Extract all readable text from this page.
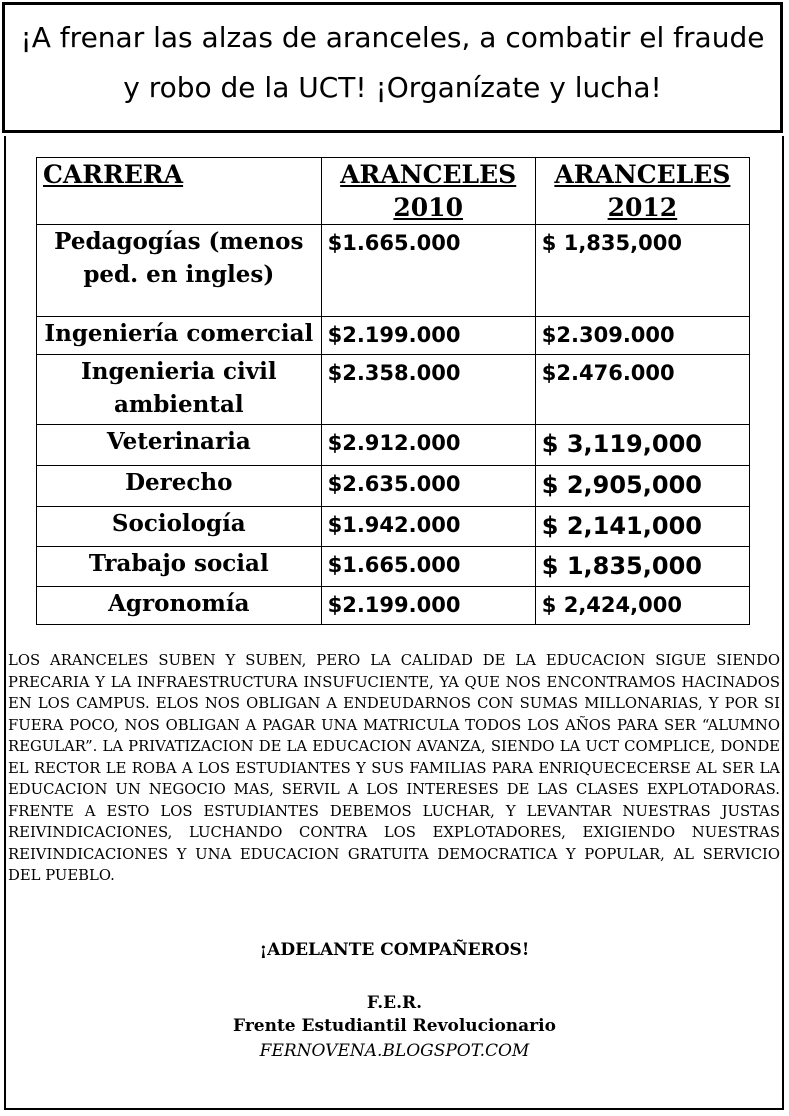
¡A frenar las alzas de aranceles, a combatir el fraude
y robo de la UCT! ¡Organízate y lucha!
CARRERA	ARANCELES 2010	ARANCELES 2012
Pedagogías (menos ped. en ingles)	$1.665.000	$ 1,835,000
Ingeniería comercial	$2.199.000	$2.309.000
Ingenieria civil ambiental	$2.358.000	$2.476.000
Veterinaria	$2.912.000	$ 3,119,000
Derecho	$2.635.000	$ 2,905,000
Sociología	$1.942.000	$ 2,141,000
Trabajo social	$1.665.000	$ 1,835,000
Agronomía	$2.199.000	$ 2,424,000
LOS ARANCELES SUBEN Y SUBEN, PERO LA CALIDAD DE LA EDUCACION SIGUE SIENDO PRECARIA Y LA INFRAESTRUCTURA INSUFUCIENTE, YA QUE NOS ENCONTRAMOS HACINADOS EN LOS CAMPUS. ELOS NOS OBLIGAN A ENDEUDARNOS CON SUMAS MILLONARIAS, Y POR SI FUERA POCO, NOS OBLIGAN A PAGAR UNA MATRICULA TODOS LOS AÑOS PARA SER “ALUMNO REGULAR”. LA PRIVATIZACION DE LA EDUCACION AVANZA, SIENDO LA UCT COMPLICE, DONDE EL RECTOR LE ROBA A LOS ESTUDIANTES Y SUS FAMILIAS PARA ENRIQUECECERSE AL SER LA EDUCACION UN NEGOCIO MAS, SERVIL A LOS INTERESES DE LAS CLASES EXPLOTADORAS. FRENTE A ESTO LOS ESTUDIANTES DEBEMOS LUCHAR, Y LEVANTAR NUESTRAS JUSTAS REIVINDICACIONES, LUCHANDO CONTRA LOS EXPLOTADORES, EXIGIENDO NUESTRAS REIVINDICACIONES Y UNA EDUCACION GRATUITA DEMOCRATICA Y POPULAR, AL SERVICIO DEL PUEBLO.
¡ADELANTE COMPAÑEROS!
F.E.R.
Frente Estudiantil Revolucionario
FERNOVENA.BLOGSPOT.COM
